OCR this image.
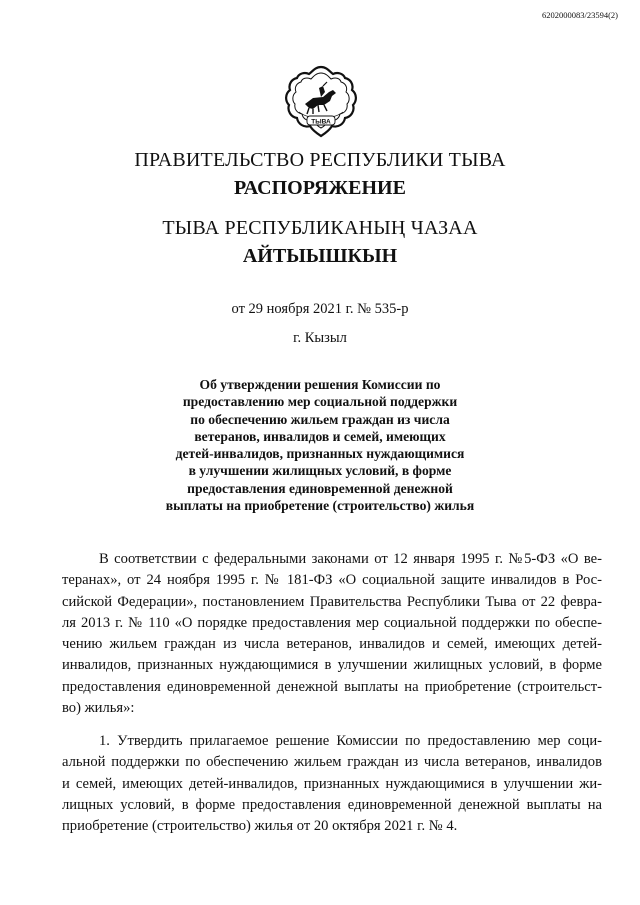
6202000083/23594(2)
ТЫВА
ПРАВИТЕЛЬСТВО РЕСПУБЛИКИ ТЫВА
РАСПОРЯЖЕНИЕ
ТЫВА РЕСПУБЛИКАНЫҢ ЧАЗАА
АЙТЫЫШКЫН
от 29 ноября 2021 г. № 535-р
г. Кызыл
Об утверждении решения Комиссии по
предоставлению мер социальной поддержки
по обеспечению жильем граждан из числа
ветеранов, инвалидов и семей, имеющих
детей-инвалидов, признанных нуждающимися
в улучшении жилищных условий, в форме
предоставления единовременной денежной
выплаты на приобретение (строительство) жилья
В соответствии с федеральными законами от 12 января 1995 г. №5-ФЗ «О ве-
теранах», от 24 ноября 1995 г. № 181-ФЗ «О социальной защите инвалидов в Рос-
сийской Федерации», постановлением Правительства Республики Тыва от 22 февра-
ля 2013 г. № 110 «О порядке предоставления мер социальной поддержки по обеспе-
чению жильем граждан из числа ветеранов, инвалидов и семей, имеющих детей-
инвалидов, признанных нуждающимися в улучшении жилищных условий, в форме
предоставления единовременной денежной выплаты на приобретение (строительст-
во) жилья»:
1. Утвердить прилагаемое решение Комиссии по предоставлению мер соци-
альной поддержки по обеспечению жильем граждан из числа ветеранов, инвалидов
и семей, имеющих детей-инвалидов, признанных нуждающимися в улучшении жи-
лищных условий, в форме предоставления единовременной денежной выплаты на
приобретение (строительство) жилья от 20 октября 2021 г. № 4.
